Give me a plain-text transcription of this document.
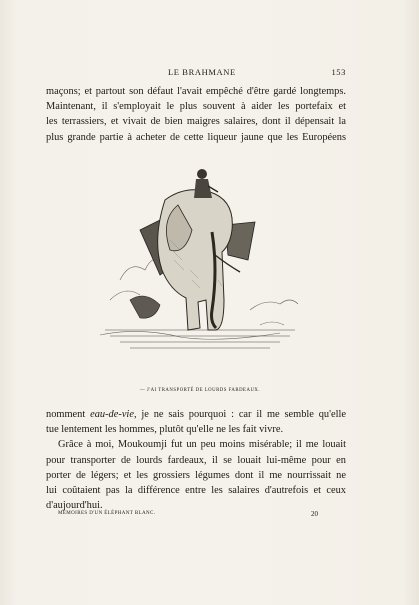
LE BRAHMANE	153

maçons; et partout son défaut l'avait empêché d'être gardé longtemps.
Maintenant, il s'employait le plus souvent à aider les portefaix et
les terrassiers, et vivait de bien maigres salaires, dont il dépensait la
plus grande partie à acheter de cette liqueur jaune que les Européens

— J'AI TRANSPORTÉ DE LOURDS FARDEAUX.

nomment eau-de-vie, je ne sais pourquoi : car il me semble qu'elle
tue lentement les hommes, plutôt qu'elle ne les fait vivre.

Grâce à moi, Moukoumji fut un peu moins misérable; il me louait
pour transporter de lourds fardeaux, il se louait lui-même pour en
porter de légers; et les grossiers légumes dont il me nourrissait ne
lui coûtaient pas la différence entre les salaires d'autrefois et ceux
d'aujourd'hui.

MÉMOIRES D'UN ÉLÉPHANT BLANC.	20
